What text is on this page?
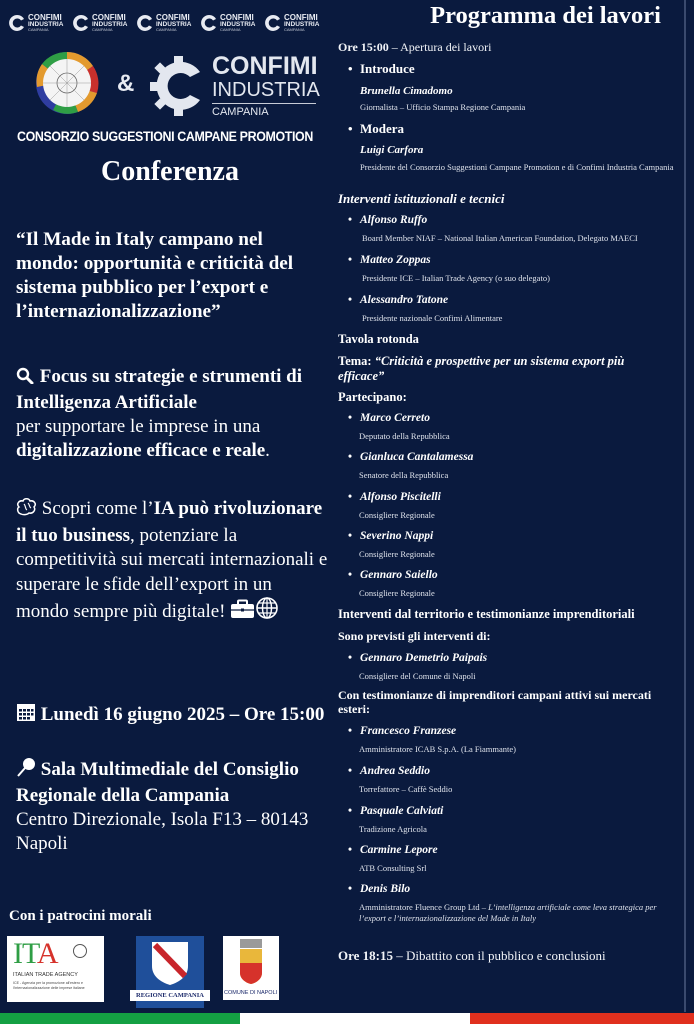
CONFIMI
INDUSTRIA
CAMPANIA
CONFIMI
INDUSTRIA
CAMPANIA
CONFIMI
INDUSTRIA
CAMPANIA
CONFIMI
INDUSTRIA
CAMPANIA
CONFIMI
INDUSTRIA
CAMPANIA
&
CONFIMI
INDUSTRIA
CAMPANIA
CONSORZIO SUGGESTIONI CAMPANE PROMOTION
Conferenza
“Il Made in Italy campano nel mondo: opportunità e criticità del sistema pubblico per l’export e l’internazionalizzazione”
Focus su strategie e strumenti di Intelligenza Artificiale
per supportare le imprese in una
digitalizzazione efficace e reale.
Scopri come l’IA può rivoluzionare il tuo business, potenziare la competitività sui mercati internazionali e superare le sfide dell’export in un mondo sempre più digitale!
Lunedì 16 giugno 2025 – Ore 15:00
Sala Multimediale del Consiglio Regionale della Campania
Centro Direzionale, Isola F13 – 80143 Napoli
Con i patrocini morali
ITA
ITALIAN TRADE AGENCY
ICE - Agenzia per la promozione all'estero e l'internazionalizzazione delle imprese italiane
REGIONE CAMPANIA	COMUNE DI NAPOLI
Programma dei lavori
Ore 15:00 – Apertura dei lavori
• Introduce
Brunella Cimadomo
Giornalista – Ufficio Stampa Regione Campania
• Modera
Luigi Carfora
Presidente del Consorzio Suggestioni Campane Promotion e di Confimi Industria Campania
Interventi istituzionali e tecnici
• Alfonso Ruffo
Board Member NIAF – National Italian American Foundation, Delegato MAECI
• Matteo Zoppas
Presidente ICE – Italian Trade Agency (o suo delegato)
• Alessandro Tatone
Presidente nazionale Confimi Alimentare
Tavola rotonda
Tema: “Criticità e prospettive per un sistema export più efficace”
Partecipano:
• Marco Cerreto
Deputato della Repubblica
• Gianluca Cantalamessa
Senatore della Repubblica
• Alfonso Piscitelli
Consigliere Regionale
• Severino Nappi
Consigliere Regionale
• Gennaro Saiello
Consigliere Regionale
Interventi dal territorio e testimonianze imprenditoriali
Sono previsti gli interventi di:
• Gennaro Demetrio Paipais
Consigliere del Comune di Napoli
Con testimonianze di imprenditori campani attivi sui mercati esteri:
• Francesco Franzese
Amministratore ICAB S.p.A. (La Fiammante)
• Andrea Seddio
Torrefattore – Caffè Seddio
• Pasquale Calviati
Tradizione Agricola
• Carmine Lepore
ATB Consulting Srl
• Denis Bilo
Amministratore Fluence Group Ltd – L’intelligenza artificiale come leva strategica per l’export e l’internazionalizzazione del Made in Italy
Ore 18:15 – Dibattito con il pubblico e conclusioni
